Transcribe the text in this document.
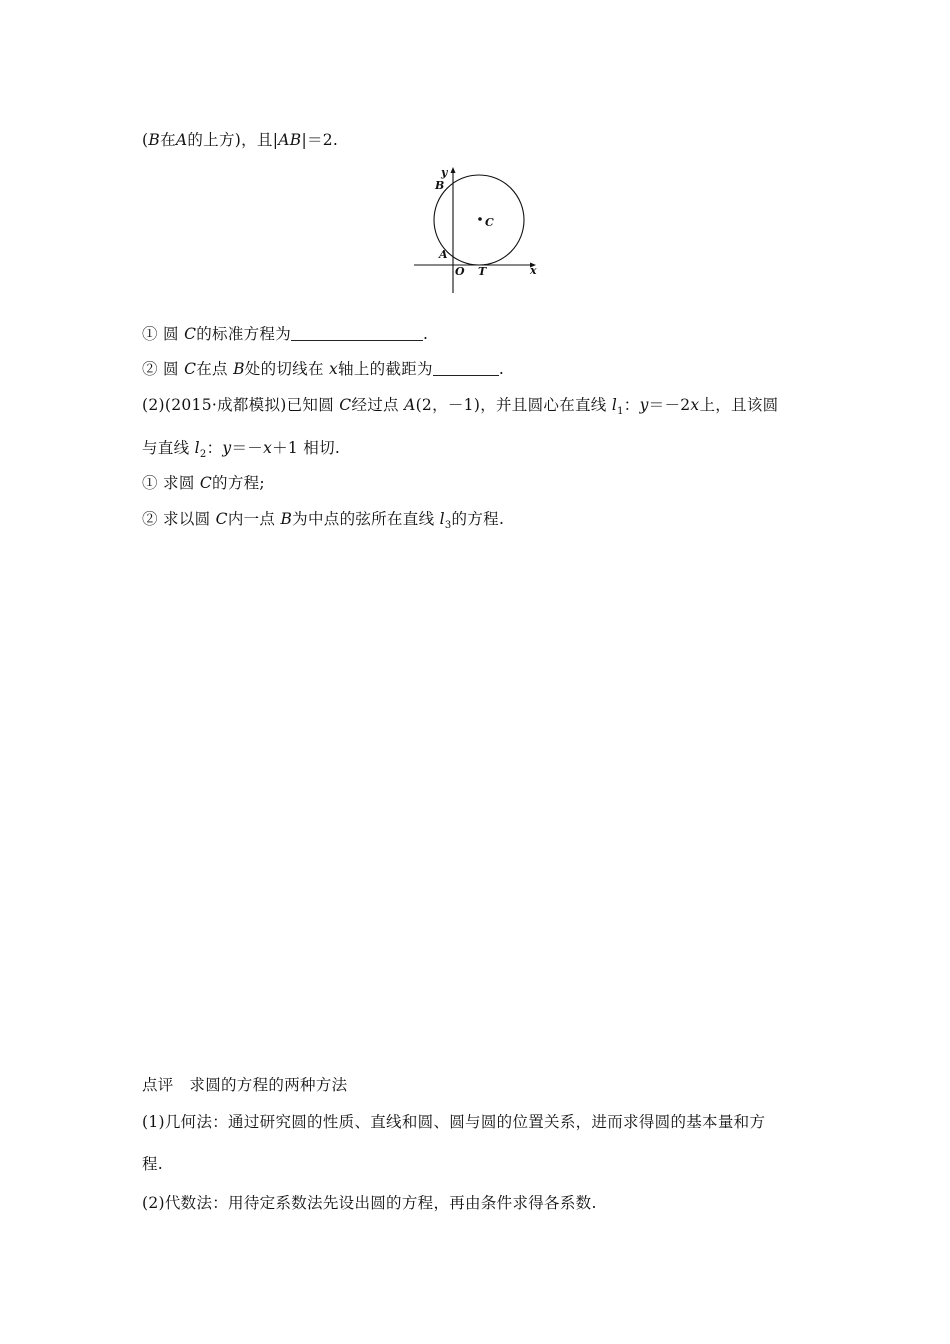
(B在A的上方)，且|AB|＝2.
y
x
B
C
A
O T
① 圆 C的标准方程为	.
② 圆 C在点 B处的切线在 x轴上的截距为	.
(2)(2015·成都模拟)已知圆 C经过点 A(2，－1)，并且圆心在直线 $l_1$：y＝－2x上，且该圆
与直线 $l_2$：y＝－x＋1 相切.
① 求圆 C的方程;
② 求以圆 C内一点 B为中点的弦所在直线 $l_3$的方程.
点评　求圆的方程的两种方法
(1)几何法：通过研究圆的性质、直线和圆、圆与圆的位置关系，进而求得圆的基本量和方
程.
(2)代数法：用待定系数法先设出圆的方程，再由条件求得各系数.
